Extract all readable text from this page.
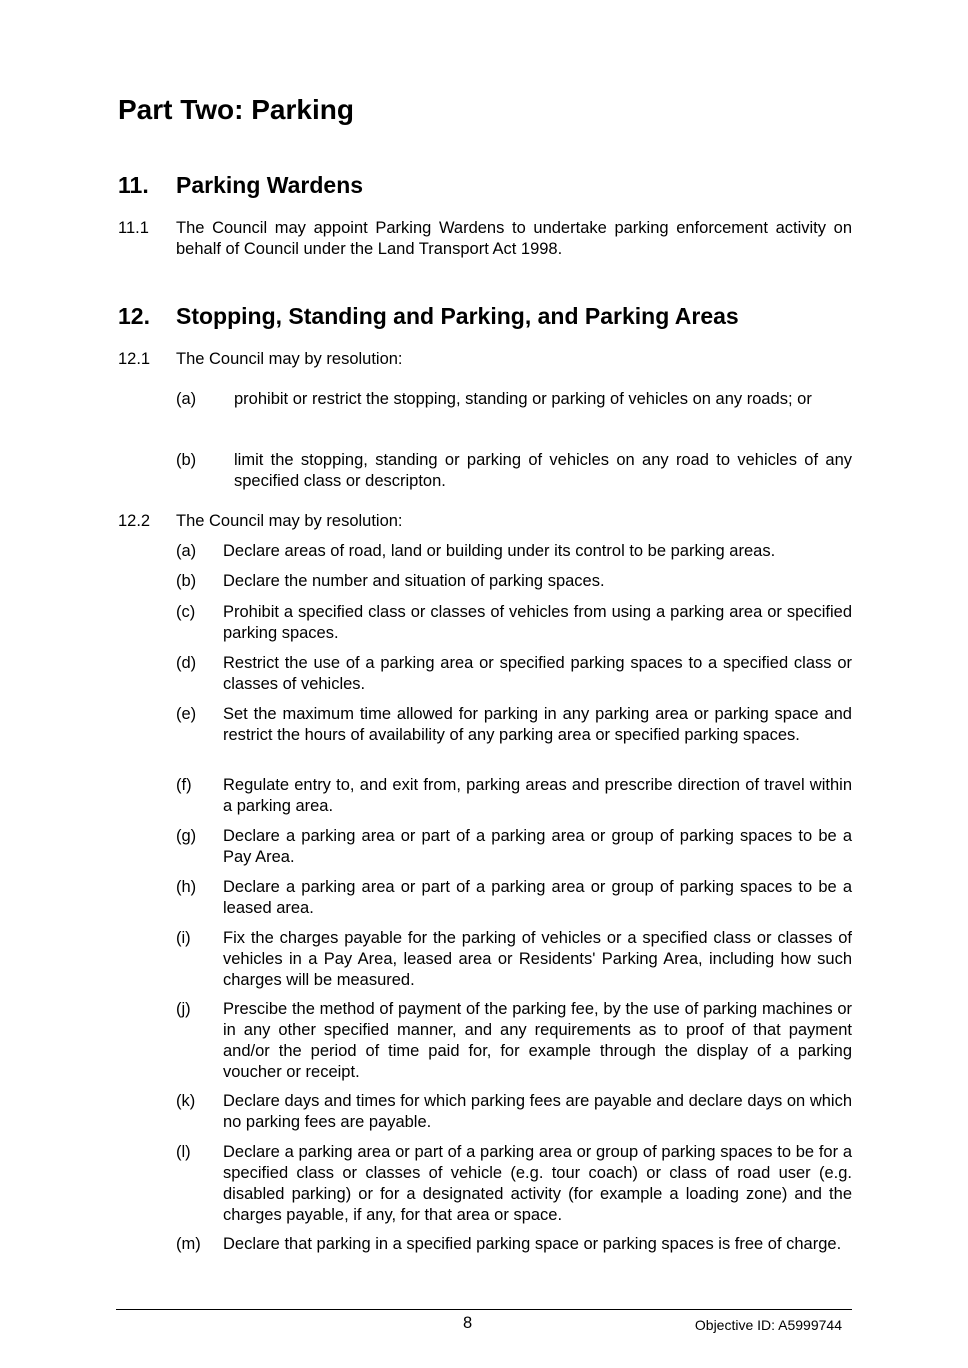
Part Two: Parking
11. Parking Wardens
11.1 The Council may appoint Parking Wardens to undertake parking enforcement activity on behalf of Council under the Land Transport Act 1998.
12. Stopping, Standing and Parking, and Parking Areas
12.1 The Council may by resolution:
(a) prohibit or restrict the stopping, standing or parking of vehicles on any roads; or
(b) limit the stopping, standing or parking of vehicles on any road to vehicles of any specified class or descripton.
12.2 The Council may by resolution:
(a) Declare areas of road, land or building under its control to be parking areas.
(b) Declare the number and situation of parking spaces.
(c) Prohibit a specified class or classes of vehicles from using a parking area or specified parking spaces.
(d) Restrict the use of a parking area or specified parking spaces to a specified class or classes of vehicles.
(e) Set the maximum time allowed for parking in any parking area or parking space and restrict the hours of availability of any parking area or specified parking spaces.
(f) Regulate entry to, and exit from, parking areas and prescribe direction of travel within a parking area.
(g) Declare a parking area or part of a parking area or group of parking spaces to be a Pay Area.
(h) Declare a parking area or part of a parking area or group of parking spaces to be a leased area.
(i) Fix the charges payable for the parking of vehicles or a specified class or classes of vehicles in a Pay Area, leased area or Residents' Parking Area, including how such charges will be measured.
(j) Prescibe the method of payment of the parking fee, by the use of parking machines or in any other specified manner, and any requirements as to proof of that payment and/or the period of time paid for, for example through the display of a parking voucher or receipt.
(k) Declare days and times for which parking fees are payable and declare days on which no parking fees are payable.
(l) Declare a parking area or part of a parking area or group of parking spaces to be for a specified class or classes of vehicle (e.g. tour coach) or class of road user (e.g. disabled parking) or for a designated activity (for example a loading zone) and the charges payable, if any, for that area or space.
(m) Declare that parking in a specified parking space or parking spaces is free of charge.
8	Objective ID: A5999744
